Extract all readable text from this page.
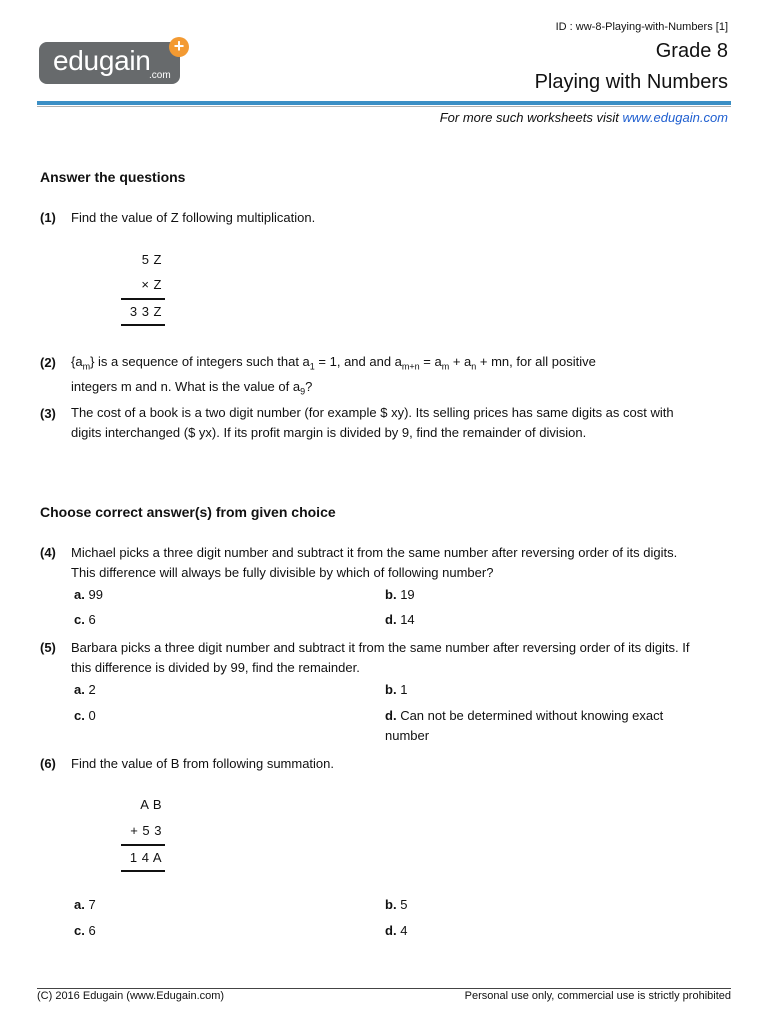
edugain
.com
+
ID : ww-8-Playing-with-Numbers [1]
Grade 8
Playing with Numbers
For more such worksheets visit www.edugain.com
Answer the questions
(1) Find the value of Z following multiplication.
5 Z
× Z
3 3 Z
(2) $\{a_m\}$ is a sequence of integers such that $a_1 = 1$, and and $a_{m+n} = a_m + a_n$ + mn, for all positive
integers m and n. What is the value of $a_9$?
(3) The cost of a book is a two digit number (for example $ xy). Its selling prices has same digits as cost with digits interchanged ($ yx). If its profit margin is divided by 9, find the remainder of division.
Choose correct answer(s) from given choice
(4) Michael picks a three digit number and subtract it from the same number after reversing order of its digits. This difference will always be fully divisible by which of following number?
a. 99	b. 19
c. 6	d. 14
(5) Barbara picks a three digit number and subtract it from the same number after reversing order of its digits. If this difference is divided by 99, find the remainder.
a. 2	b. 1
c. 0	d. Can not be determined without knowing exact number
(6) Find the value of B from following summation.
A B
+ 5 3
1 4 A
a. 7	b. 5
c. 6	d. 4
(C) 2016 Edugain (www.Edugain.com)	Personal use only, commercial use is strictly prohibited
